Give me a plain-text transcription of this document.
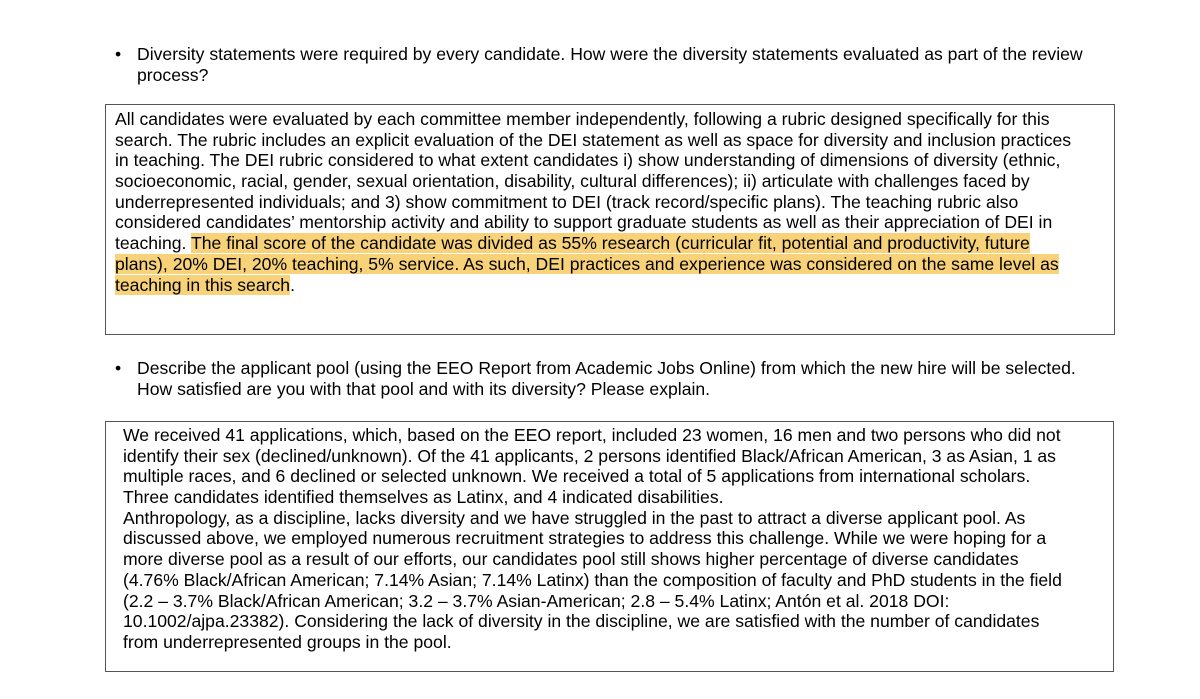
• Diversity statements were required by every candidate. How were the diversity statements evaluated as part of the review
process?
All candidates were evaluated by each committee member independently, following a rubric designed specifically for this
search. The rubric includes an explicit evaluation of the DEI statement as well as space for diversity and inclusion practices
in teaching. The DEI rubric considered to what extent candidates i) show understanding of dimensions of diversity (ethnic,
socioeconomic, racial, gender, sexual orientation, disability, cultural differences); ii) articulate with challenges faced by
underrepresented individuals; and 3) show commitment to DEI (track record/specific plans). The teaching rubric also
considered candidates’ mentorship activity and ability to support graduate students as well as their appreciation of DEI in
teaching. The final score of the candidate was divided as 55% research (curricular fit, potential and productivity, future
plans), 20% DEI, 20% teaching, 5% service. As such, DEI practices and experience was considered on the same level as
teaching in this search.
• Describe the applicant pool (using the EEO Report from Academic Jobs Online) from which the new hire will be selected.
How satisfied are you with that pool and with its diversity? Please explain.
We received 41 applications, which, based on the EEO report, included 23 women, 16 men and two persons who did not
identify their sex (declined/unknown). Of the 41 applicants, 2 persons identified Black/African American, 3 as Asian, 1 as
multiple races, and 6 declined or selected unknown. We received a total of 5 applications from international scholars.
Three candidates identified themselves as Latinx, and 4 indicated disabilities.
Anthropology, as a discipline, lacks diversity and we have struggled in the past to attract a diverse applicant pool. As
discussed above, we employed numerous recruitment strategies to address this challenge. While we were hoping for a
more diverse pool as a result of our efforts, our candidates pool still shows higher percentage of diverse candidates
(4.76% Black/African American; 7.14% Asian; 7.14% Latinx) than the composition of faculty and PhD students in the field
(2.2 – 3.7% Black/African American; 3.2 – 3.7% Asian-American; 2.8 – 5.4% Latinx; Antón et al. 2018 DOI:
10.1002/ajpa.23382). Considering the lack of diversity in the discipline, we are satisfied with the number of candidates
from underrepresented groups in the pool.
